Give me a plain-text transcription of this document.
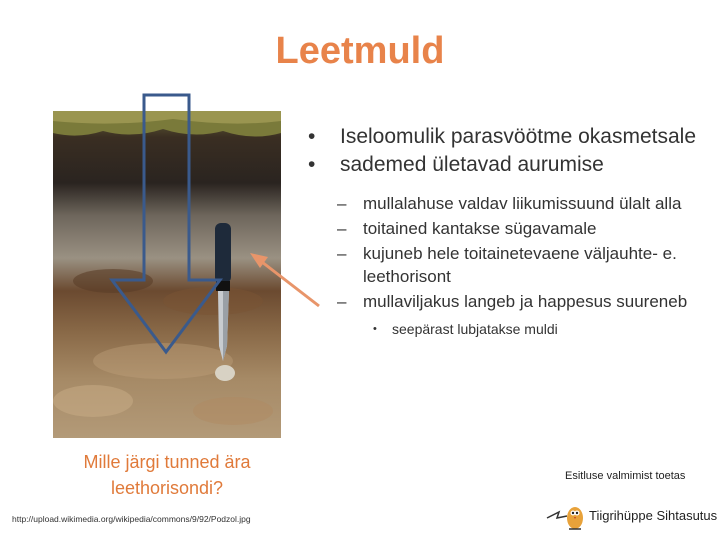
Leetmuld
• Iseloomulik parasvöötme okasmetsale
• sademed ületavad aurumise
– mullalahuse valdav liikumissuund ülalt alla
– toitained kantakse sügavamale
– kujuneb hele toitainetevaene väljauhte- e. leethorisont
– mullaviljakus langeb ja happesus suureneb
• seepärast lubjatakse muldi
Mille järgi tunned ära leethorisondi?
http://upload.wikimedia.org/wikipedia/commons/9/92/Podzol.jpg
Esitluse valmimist toetas
Tiigrihüppe Sihtasutus
